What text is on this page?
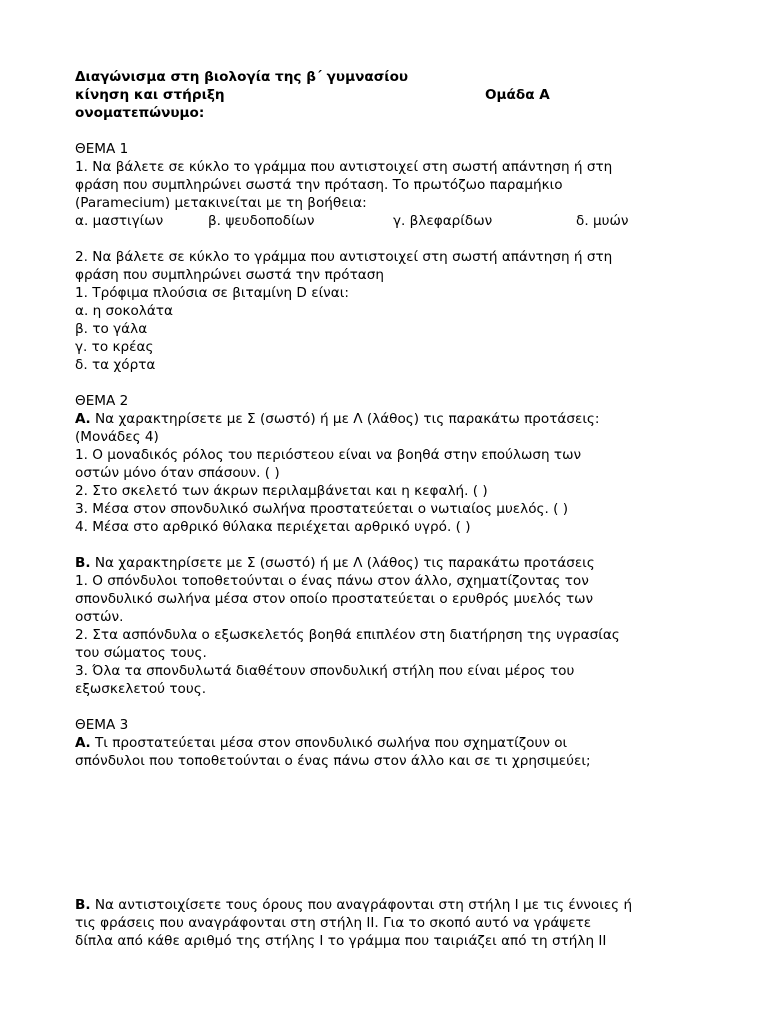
Διαγώνισμα στη βιολογία της β΄ γυμνασίου
κίνηση και στήριξη	Ομάδα Α
ονοματεπώνυμο:
ΘΕΜΑ 1
1. Να βάλετε σε κύκλο το γράμμα που αντιστοιχεί στη σωστή απάντηση ή στη
φράση που συμπληρώνει σωστά την πρόταση. Το πρωτόζωο παραμήκιο
(Paramecium) μετακινείται με τη βοήθεια:
α. μαστιγίων	β. ψευδοποδίων	γ. βλεφαρίδων	δ. μυών
2. Να βάλετε σε κύκλο το γράμμα που αντιστοιχεί στη σωστή απάντηση ή στη
φράση που συμπληρώνει σωστά την πρόταση
1. Τρόφιμα πλούσια σε βιταμίνη D είναι:
α. η σοκολάτα
β. το γάλα
γ. το κρέας
δ. τα χόρτα
ΘΕΜΑ 2
Α. Να χαρακτηρίσετε με Σ (σωστό) ή με Λ (λάθος) τις παρακάτω προτάσεις:
(Μονάδες 4)
1. Ο μοναδικός ρόλος του περιόστεου είναι να βοηθά στην επούλωση των
οστών μόνο όταν σπάσουν. ( )
2. Στο σκελετό των άκρων περιλαμβάνεται και η κεφαλή. ( )
3. Μέσα στον σπονδυλικό σωλήνα προστατεύεται ο νωτιαίος μυελός. ( )
4. Μέσα στο αρθρικό θύλακα περιέχεται αρθρικό υγρό. ( )
Β. Να χαρακτηρίσετε με Σ (σωστό) ή με Λ (λάθος) τις παρακάτω προτάσεις
1. Ο σπόνδυλοι τοποθετούνται ο ένας πάνω στον άλλο, σχηματίζοντας τον
σπονδυλικό σωλήνα μέσα στον οποίο προστατεύεται ο ερυθρός μυελός των
οστών.
2. Στα ασπόνδυλα ο εξωσκελετός βοηθά επιπλέον στη διατήρηση της υγρασίας
του σώματος τους.
3. Όλα τα σπονδυλωτά διαθέτουν σπονδυλική στήλη που είναι μέρος του
εξωσκελετού τους.
ΘΕΜΑ 3
Α. Τι προστατεύεται μέσα στον σπονδυλικό σωλήνα που σχηματίζουν οι
σπόνδυλοι που τοποθετούνται ο ένας πάνω στον άλλο και σε τι χρησιμεύει;
Β. Να αντιστοιχίσετε τους όρους που αναγράφονται στη στήλη Ι με τις έννοιες ή
τις φράσεις που αναγράφονται στη στήλη ΙΙ. Για το σκοπό αυτό να γράψετε
δίπλα από κάθε αριθμό της στήλης Ι το γράμμα που ταιριάζει από τη στήλη ΙΙ
